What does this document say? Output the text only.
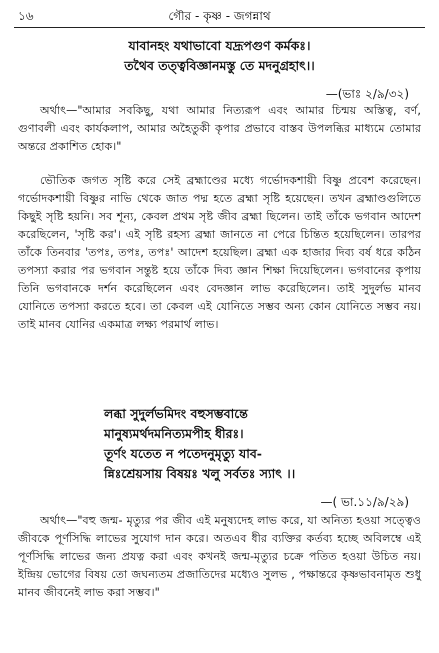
১৬	গৌর - কৃষ্ণ - জগন্নাথ
যাবানহং যথাভাবো যদ্রূপগুণ কর্মকঃ।
তথৈব তত্ত্ববিজ্ঞানমস্তু তে মদনুগ্রহাৎ।।
—(ভাঃ ২/৯/৩২)

অর্থাৎ—"আমার সবকিছু, যথা আমার নিত্যরূপ এবং আমার চিন্ময় অস্তিত্ব, বর্ণ, গুণাবলী এবং কার্যকলাপ, আমার অহৈতুকী কৃপার প্রভাবে বাস্তব উপলব্ধির মাধ্যমে তোমার অন্তরে প্রকাশিত হোক।"

ভৌতিক জগত সৃষ্টি করে সেই ব্রহ্মাণ্ডের মধ্যে গর্ভোদকশায়ী বিষ্ণু প্রবেশ করেছেন। গর্ভোদকশায়ী বিষ্ণুর নাভি থেকে জাত পদ্ম হতে ব্রহ্মা সৃষ্টি হয়েছেন। তখন ব্রহ্মাণ্ডগুলিতে কিছুই সৃষ্টি হয়নি। সব শূন্য, কেবল প্রথম সৃষ্ট জীব ব্রহ্মা ছিলেন। তাই তাঁকে ভগবান আদেশ করেছিলেন, 'সৃষ্টি কর'। এই সৃষ্টি রহস্য ব্রহ্মা জানতে না পেরে চিন্তিত হয়েছিলেন। তারপর তাঁকে তিনবার 'তপঃ, তপঃ, তপঃ' আদেশ হয়েছিল। ব্রহ্মা এক হাজার দিব্য বর্ষ ধরে কঠিন তপস্যা করার পর ভগবান সন্তুষ্ট হয়ে তাঁকে দিব্য জ্ঞান শিক্ষা দিয়েছিলেন। ভগবানের কৃপায় তিনি ভগবানকে দর্শন করেছিলেন এবং বেদজ্ঞান লাভ করেছিলেন। তাই সুদুর্লভ মানব যোনিতে তপস্যা করতে হবে। তা কেবল এই যোনিতে সম্ভব অন্য কোন যোনিতে সম্ভব নয়। তাই মানব যোনির একমাত্র লক্ষ্য পরমার্থ লাভ।

লব্ধা সুদুর্লভমিদং বহুসম্ভবান্তে
মানুষ্যমর্থদমনিত্যমপীহ ধীরঃ।
তূর্ণং যতেত ন পতেদনুমৃত্যু যাব-
ন্নিঃশ্রেয়সায় বিষয়ঃ খলু সর্বতঃ স্যাৎ ।।
—( ভা.১১/৯/২৯)

অর্থাৎ—"বহু জন্ম- মৃত্যুর পর জীব এই মনুষ্যদেহ লাভ করে, যা অনিত্য হওয়া সত্ত্বেও জীবকে পূর্ণসিদ্ধি লাভের সুযোগ দান করে। অতএব ধীর ব্যক্তির কর্তব্য হচ্ছে অবিলম্বে এই পূর্ণসিদ্ধি লাভের জন্য প্রযত্ন করা এবং কখনই জন্ম-মৃত্যুর চক্রে পতিত হওয়া উচিত নয়। ইন্দ্রিয় ভোগের বিষয় তো জঘন্যতম প্রজাতিদের মধ্যেও সুলভ , পক্ষান্তরে কৃষ্ণভাবনামৃত শুধু মানব জীবনেই লাভ করা সম্ভব।"
